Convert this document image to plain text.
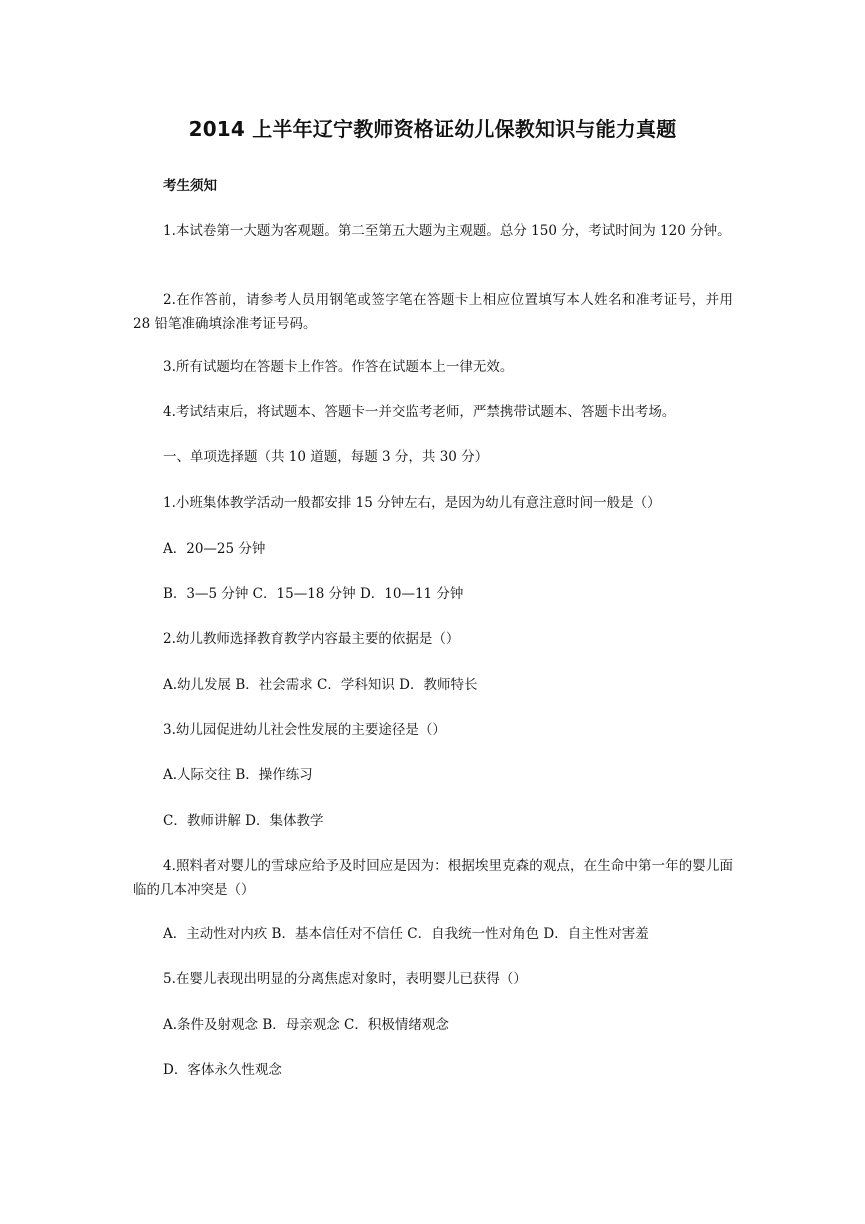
2014 上半年辽宁教师资格证幼儿保教知识与能力真题
考生须知
1.本试卷第一大题为客观题。第二至第五大题为主观题。总分 150 分，考试时间为 120 分钟。
2.在作答前，请参考人员用钢笔或签字笔在答题卡上相应位置填写本人姓名和准考证号，并用 28 铅笔准确填涂准考证号码。
3.所有试题均在答题卡上作答。作答在试题本上一律无效。
4.考试结束后，将试题本、答题卡一并交监考老师，严禁携带试题本、答题卡出考场。
一、单项选择题（共 10 道题，每题 3 分，共 30 分）
1.小班集体教学活动一般都安排 15 分钟左右，是因为幼儿有意注意时间一般是（）
A．20—25 分钟
B．3—5 分钟 C．15—18 分钟 D．10—11 分钟
2.幼儿教师选择教育教学内容最主要的依据是（）
A.幼儿发展 B．社会需求 C．学科知识 D．教师特长
3.幼儿园促进幼儿社会性发展的主要途径是（）
A.人际交往 B．操作练习
C．教师讲解 D．集体教学
4.照料者对婴儿的雪球应给予及时回应是因为：根据埃里克森的观点，在生命中第一年的婴儿面临的几本冲突是（）
A．主动性对内疚 B．基本信任对不信任 C．自我统一性对角色 D．自主性对害羞
5.在婴儿表现出明显的分离焦虑对象时，表明婴儿已获得（）
A.条件及射观念 B．母亲观念 C．积极情绪观念
D．客体永久性观念
